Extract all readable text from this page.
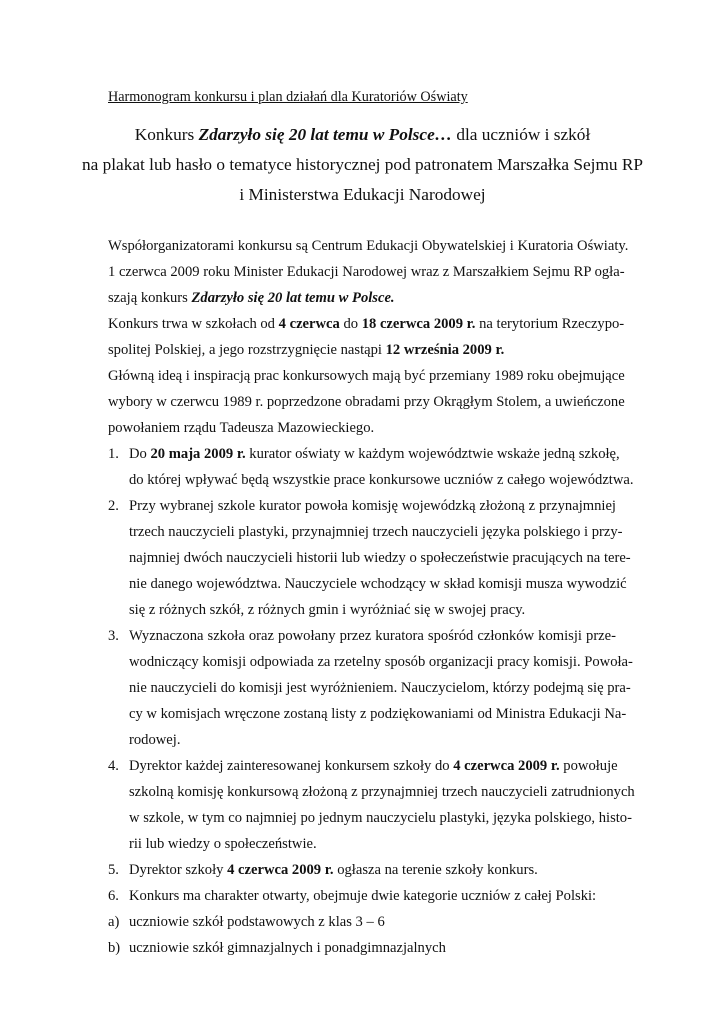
Harmonogram konkursu i plan działań dla Kuratoriów Oświaty
Konkurs Zdarzyło się 20 lat temu w Polsce… dla uczniów i szkół
na plakat lub hasło o tematyce historycznej pod patronatem Marszałka Sejmu RP
i Ministerstwa Edukacji Narodowej
Współorganizatorami konkursu są Centrum Edukacji Obywatelskiej i Kuratoria Oświaty.
1 czerwca 2009 roku Minister Edukacji Narodowej wraz z Marszałkiem Sejmu RP ogła-
szają konkurs Zdarzyło się 20 lat temu w Polsce.
Konkurs trwa w szkołach od 4 czerwca do 18 czerwca 2009 r. na terytorium Rzeczypo-
spolitej Polskiej, a jego rozstrzygnięcie nastąpi 12 września 2009 r.
Główną ideą i inspiracją prac konkursowych mają być przemiany 1989 roku obejmujące
wybory w czerwcu 1989 r. poprzedzone obradami przy Okrągłym Stolem, a uwieńczone
powołaniem rządu Tadeusza Mazowieckiego.
1. Do 20 maja 2009 r. kurator oświaty w każdym województwie wskaże jedną szkołę,
do której wpływać będą wszystkie prace konkursowe uczniów z całego województwa.
2. Przy wybranej szkole kurator powoła komisję wojewódzką złożoną z przynajmniej
trzech nauczycieli plastyki, przynajmniej trzech nauczycieli języka polskiego i przy-
najmniej dwóch nauczycieli historii lub wiedzy o społeczeństwie pracujących na tere-
nie danego województwa. Nauczyciele wchodzący w skład komisji musza wywodzić
się z różnych szkół, z różnych gmin i wyróżniać się w swojej pracy.
3. Wyznaczona szkoła oraz powołany przez kuratora spośród członków komisji prze-
wodniczący komisji odpowiada za rzetelny sposób organizacji pracy komisji. Powoła-
nie nauczycieli do komisji jest wyróżnieniem. Nauczycielom, którzy podejmą się pra-
cy w komisjach wręczone zostaną listy z podziękowaniami od Ministra Edukacji Na-
rodowej.
4. Dyrektor każdej zainteresowanej konkursem szkoły do 4 czerwca 2009 r. powołuje
szkolną komisję konkursową złożoną z przynajmniej trzech nauczycieli zatrudnionych
w szkole, w tym co najmniej po jednym nauczycielu plastyki, języka polskiego, histo-
rii lub wiedzy o społeczeństwie.
5. Dyrektor szkoły 4 czerwca 2009 r. ogłasza na terenie szkoły konkurs.
6. Konkurs ma charakter otwarty, obejmuje dwie kategorie uczniów z całej Polski:
a) uczniowie szkół podstawowych z klas 3 – 6
b) uczniowie szkół gimnazjalnych i ponadgimnazjalnych
